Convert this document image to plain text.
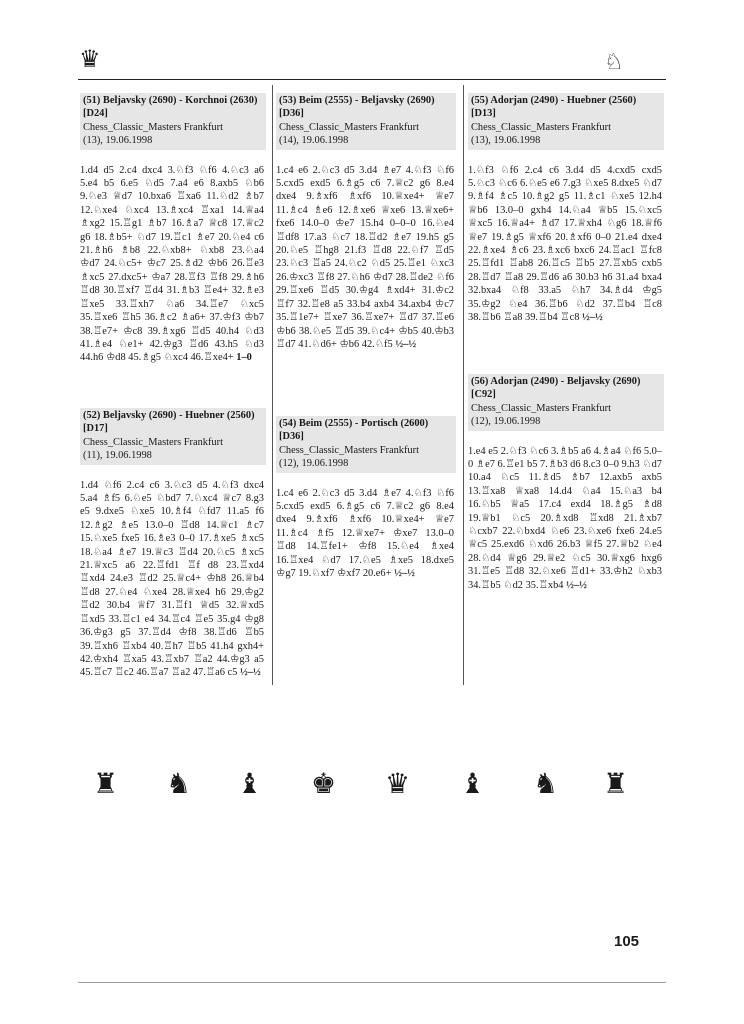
♛	♘
(51) Beljavsky (2690) - Korchnoi (2630) [D24]
Chess_Classic_Masters Frankfurt
(13), 19.06.1998
1.d4 d5 2.c4 dxc4 3.♘f3 ♘f6 4.♘c3 a6 5.e4 b5 6.e5 ♘d5 7.a4 e6 8.axb5 ♘b6 9.♘e3 ♕d7 10.bxa6 ♖xa6 11.♘d2 ♗b7 12.♘xe4 ♘xc4 13.♗xc4 ♖xa1 14.♕a4 ♗xg2 15.♖g1 ♗b7 16.♗a7 ♕c8 17.♕c2 g6 18.♗b5+ ♘d7 19.♖c1 ♗e7 20.♘e4 c6 21.♗h6 ♗b8 22.♘xb8+ ♘xb8 23.♘a4 ♔d7 24.♘c5+ ♔c7 25.♗d2 ♔b6 26.♖e3 ♗xc5 27.dxc5+ ♔a7 28.♖f3 ♖f8 29.♗h6 ♖d8 30.♖xf7 ♖d4 31.♗b3 ♖e4+ 32.♗e3 ♖xe5 33.♖xh7 ♘a6 34.♖e7 ♘xc5 35.♖xe6 ♖h5 36.♗c2 ♗a6+ 37.♔f3 ♔b7 38.♖e7+ ♔c8 39.♗xg6 ♖d5 40.h4 ♘d3 41.♗e4 ♘e1+ 42.♔g3 ♖d6 43.h5 ♘d3 44.h6 ♔d8 45.♗g5 ♘xc4 46.♖xe4+ 1–0
(52) Beljavsky (2690) - Huebner (2560) [D17]
Chess_Classic_Masters Frankfurt
(11), 19.06.1998
1.d4 ♘f6 2.c4 c6 3.♘c3 d5 4.♘f3 dxc4 5.a4 ♗f5 6.♘e5 ♘bd7 7.♘xc4 ♕c7 8.g3 e5 9.dxe5 ♘xe5 10.♗f4 ♘fd7 11.a5 f6 12.♗g2 ♗e5 13.0–0 ♖d8 14.♕c1 ♗c7 15.♘xe5 fxe5 16.♗e3 0–0 17.♗xe5 ♗xc5 18.♘a4 ♗e7 19.♕c3 ♖d4 20.♘c5 ♗xc5 21.♕xc5 a6 22.♖fd1 ♖f d8 23.♖xd4 ♖xd4 24.e3 ♖d2 25.♕c4+ ♔h8 26.♕b4 ♖d8 27.♘e4 ♘xe4 28.♕xe4 h6 29.♔g2 ♖d2 30.b4 ♕f7 31.♖f1 ♕d5 32.♕xd5 ♖xd5 33.♖c1 e4 34.♖c4 ♖e5 35.g4 ♔g8 36.♔g3 g5 37.♖d4 ♔f8 38.♖d6 ♖b5 39.♖xh6 ♖xb4 40.♖h7 ♖b5 41.h4 gxh4+ 42.♔xh4 ♖xa5 43.♖xb7 ♖a2 44.♔g3 a5 45.♖c7 ♖c2 46.♖a7 ♖a2 47.♖a6 c5 ½–½
(53) Beim (2555) - Beljavsky (2690) [D36]
Chess_Classic_Masters Frankfurt
(14), 19.06.1998
1.c4 e6 2.♘c3 d5 3.d4 ♗e7 4.♘f3 ♘f6 5.cxd5 exd5 6.♗g5 c6 7.♕c2 g6 8.e4 dxe4 9.♗xf6 ♗xf6 10.♕xe4+ ♕e7 11.♗c4 ♗e6 12.♗xe6 ♕xe6 13.♕xe6+ fxe6 14.0–0 ♔e7 15.h4 0–0–0 16.♘e4 ♖df8 17.a3 ♘c7 18.♖d2 ♗e7 19.h5 g5 20.♘e5 ♖hg8 21.f3 ♖d8 22.♘f7 ♖d5 23.♘c3 ♖a5 24.♘c2 ♘d5 25.♖e1 ♘xc3 26.♔xc3 ♖f8 27.♘h6 ♔d7 28.♖de2 ♘f6 29.♖xe6 ♖d5 30.♔g4 ♗xd4+ 31.♔c2 ♖f7 32.♖e8 a5 33.b4 axb4 34.axb4 ♔c7 35.♖1e7+ ♖xe7 36.♖xe7+ ♖d7 37.♖e6 ♔b6 38.♘e5 ♖d5 39.♘c4+ ♔b5 40.♔b3 ♖d7 41.♘d6+ ♔b6 42.♘f5 ½–½
(54) Beim (2555) - Portisch (2600) [D36]
Chess_Classic_Masters Frankfurt
(12), 19.06.1998
1.c4 e6 2.♘c3 d5 3.d4 ♗e7 4.♘f3 ♘f6 5.cxd5 exd5 6.♗g5 c6 7.♕c2 g6 8.e4 dxe4 9.♗xf6 ♗xf6 10.♕xe4+ ♕e7 11.♗c4 ♗f5 12.♕xe7+ ♔xe7 13.0–0 ♖d8 14.♖fe1+ ♔f8 15.♘e4 ♗xe4 16.♖xe4 ♘d7 17.♘e5 ♗xe5 18.dxe5 ♔g7 19.♘xf7 ♔xf7 20.e6+ ½–½
(55) Adorjan (2490) - Huebner (2560) [D13]
Chess_Classic_Masters Frankfurt
(13), 19.06.1998
1.♘f3 ♘f6 2.c4 c6 3.d4 d5 4.cxd5 cxd5 5.♘c3 ♘c6 6.♘e5 e6 7.g3 ♘xe5 8.dxe5 ♘d7 9.♗f4 ♗c5 10.♗g2 g5 11.♗c1 ♘xe5 12.h4 ♕b6 13.0–0 gxh4 14.♘a4 ♕b5 15.♘xc5 ♕xc5 16.♕a4+ ♗d7 17.♕xh4 ♘g6 18.♕f6 ♕e7 19.♗g5 ♕xf6 20.♗xf6 0–0 21.e4 dxe4 22.♗xe4 ♗c6 23.♗xc6 bxc6 24.♖ac1 ♖fc8 25.♖fd1 ♖ab8 26.♖c5 ♖b5 27.♖xb5 cxb5 28.♖d7 ♖a8 29.♖d6 a6 30.b3 h6 31.a4 bxa4 32.bxa4 ♘f8 33.a5 ♘h7 34.♗d4 ♔g5 35.♔g2 ♘e4 36.♖b6 ♘d2 37.♖b4 ♖c8 38.♖b6 ♖a8 39.♖b4 ♖c8 ½–½
(56) Adorjan (2490) - Beljavsky (2690) [C92]
Chess_Classic_Masters Frankfurt
(12), 19.06.1998
1.e4 e5 2.♘f3 ♘c6 3.♗b5 a6 4.♗a4 ♘f6 5.0–0 ♗e7 6.♖e1 b5 7.♗b3 d6 8.c3 0–0 9.h3 ♘d7 10.a4 ♘c5 11.♗d5 ♗b7 12.axb5 axb5 13.♖xa8 ♕xa8 14.d4 ♘a4 15.♘a3 b4 16.♘b5 ♕a5 17.c4 exd4 18.♗g5 ♗d8 19.♕b1 ♘c5 20.♗xd8 ♖xd8 21.♗xb7 ♘cxb7 22.♘bxd4 ♘e6 23.♘xe6 fxe6 24.e5 ♕c5 25.exd6 ♘xd6 26.b3 ♕f5 27.♕b2 ♘e4 28.♘d4 ♕g6 29.♕e2 ♘c5 30.♕xg6 hxg6 31.♖e5 ♖d8 32.♘xe6 ♖d1+ 33.♔h2 ♘xb3 34.♖b5 ♘d2 35.♖xb4 ½–½
♜ ♞ ♝ ♚ ♛ ♝ ♞ ♜
105
